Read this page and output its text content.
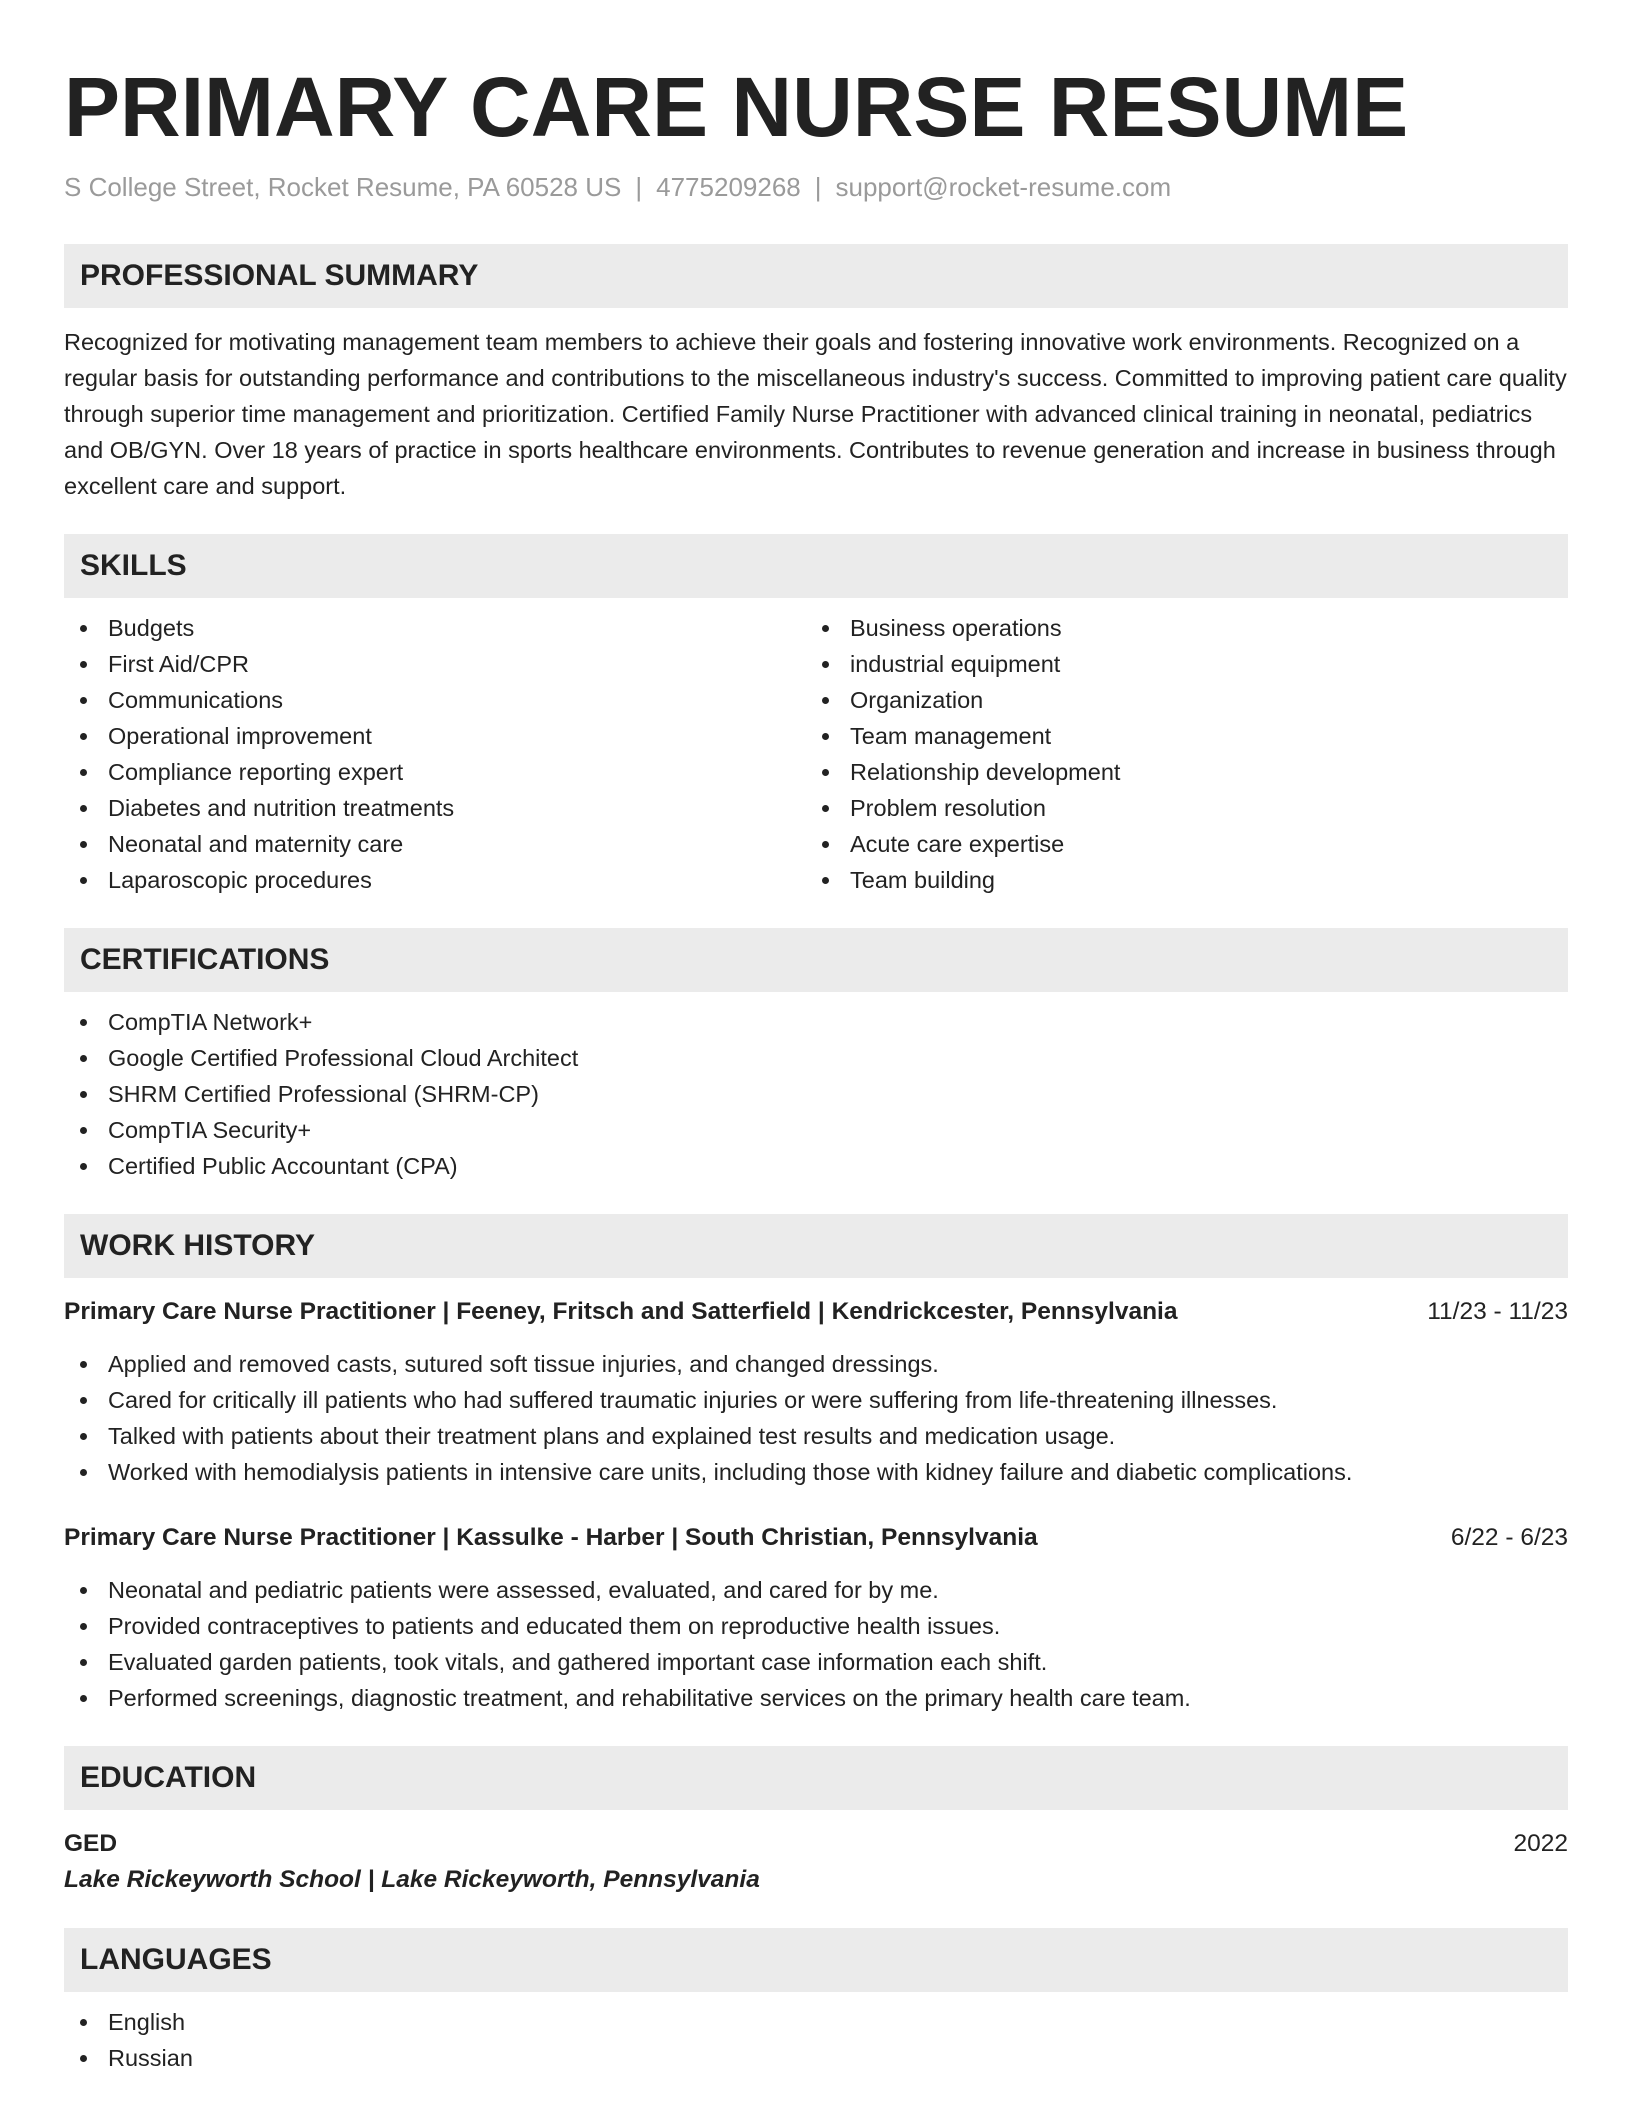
PRIMARY CARE NURSE RESUME
S College Street, Rocket Resume, PA 60528 US | 4775209268 | support@rocket-resume.com
PROFESSIONAL SUMMARY
Recognized for motivating management team members to achieve their goals and fostering innovative work environments. Recognized on a regular basis for outstanding performance and contributions to the miscellaneous industry's success. Committed to improving patient care quality through superior time management and prioritization. Certified Family Nurse Practitioner with advanced clinical training in neonatal, pediatrics and OB/GYN. Over 18 years of practice in sports healthcare environments. Contributes to revenue generation and increase in business through excellent care and support.
SKILLS
Budgets
First Aid/CPR
Communications
Operational improvement
Compliance reporting expert
Diabetes and nutrition treatments
Neonatal and maternity care
Laparoscopic procedures
Business operations
industrial equipment
Organization
Team management
Relationship development
Problem resolution
Acute care expertise
Team building
CERTIFICATIONS
CompTIA Network+
Google Certified Professional Cloud Architect
SHRM Certified Professional (SHRM-CP)
CompTIA Security+
Certified Public Accountant (CPA)
WORK HISTORY
Primary Care Nurse Practitioner | Feeney, Fritsch and Satterfield | Kendrickcester, Pennsylvania	11/23 - 11/23
Applied and removed casts, sutured soft tissue injuries, and changed dressings.
Cared for critically ill patients who had suffered traumatic injuries or were suffering from life-threatening illnesses.
Talked with patients about their treatment plans and explained test results and medication usage.
Worked with hemodialysis patients in intensive care units, including those with kidney failure and diabetic complications.
Primary Care Nurse Practitioner | Kassulke - Harber | South Christian, Pennsylvania	6/22 - 6/23
Neonatal and pediatric patients were assessed, evaluated, and cared for by me.
Provided contraceptives to patients and educated them on reproductive health issues.
Evaluated garden patients, took vitals, and gathered important case information each shift.
Performed screenings, diagnostic treatment, and rehabilitative services on the primary health care team.
EDUCATION
GED	2022
Lake Rickeyworth School | Lake Rickeyworth, Pennsylvania
LANGUAGES
English
Russian
